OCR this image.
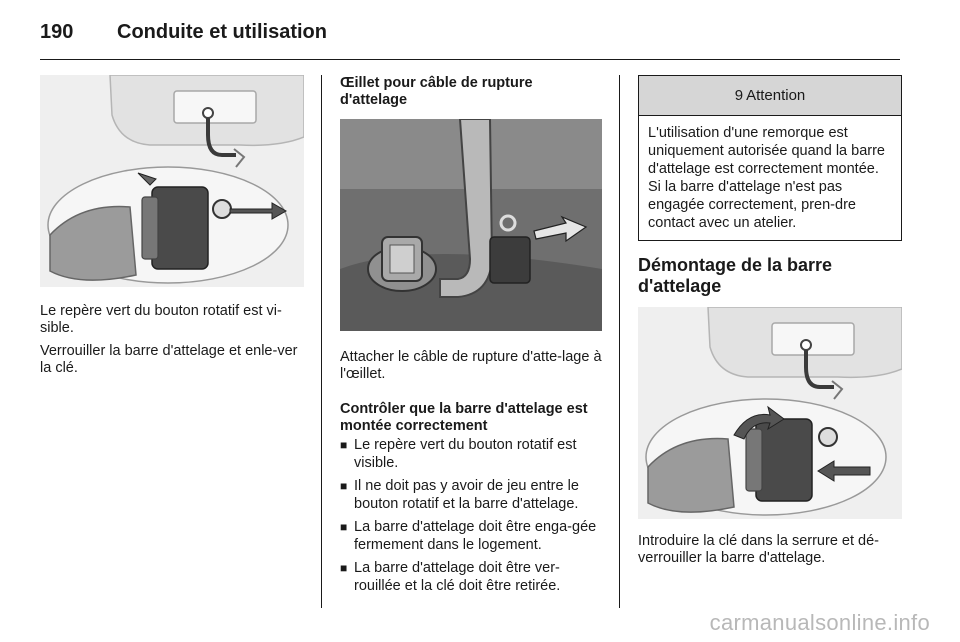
190 Conduite et utilisation

Le repère vert du bouton rotatif est vi-sible.

Verrouiller la barre d'attelage et enle-ver la clé.

Œillet pour câble de rupture d'attelage

Attacher le câble de rupture d'atte-lage à l'œillet.

Contrôler que la barre d'attelage est montée correctement
■ Le repère vert du bouton rotatif est visible.
■ Il ne doit pas y avoir de jeu entre le bouton rotatif et la barre d'attelage.
■ La barre d'attelage doit être enga-gée fermement dans le logement.
■ La barre d'attelage doit être ver-rouillée et la clé doit être retirée.
9 Attention
L'utilisation d'une remorque est uniquement autorisée quand la barre d'attelage est correctement montée. Si la barre d'attelage n'est pas engagée correctement, pren-dre contact avec un atelier.
Démontage de la barre d'attelage

Introduire la clé dans la serrure et dé-verrouiller la barre d'attelage.

carmanualsonline.info
